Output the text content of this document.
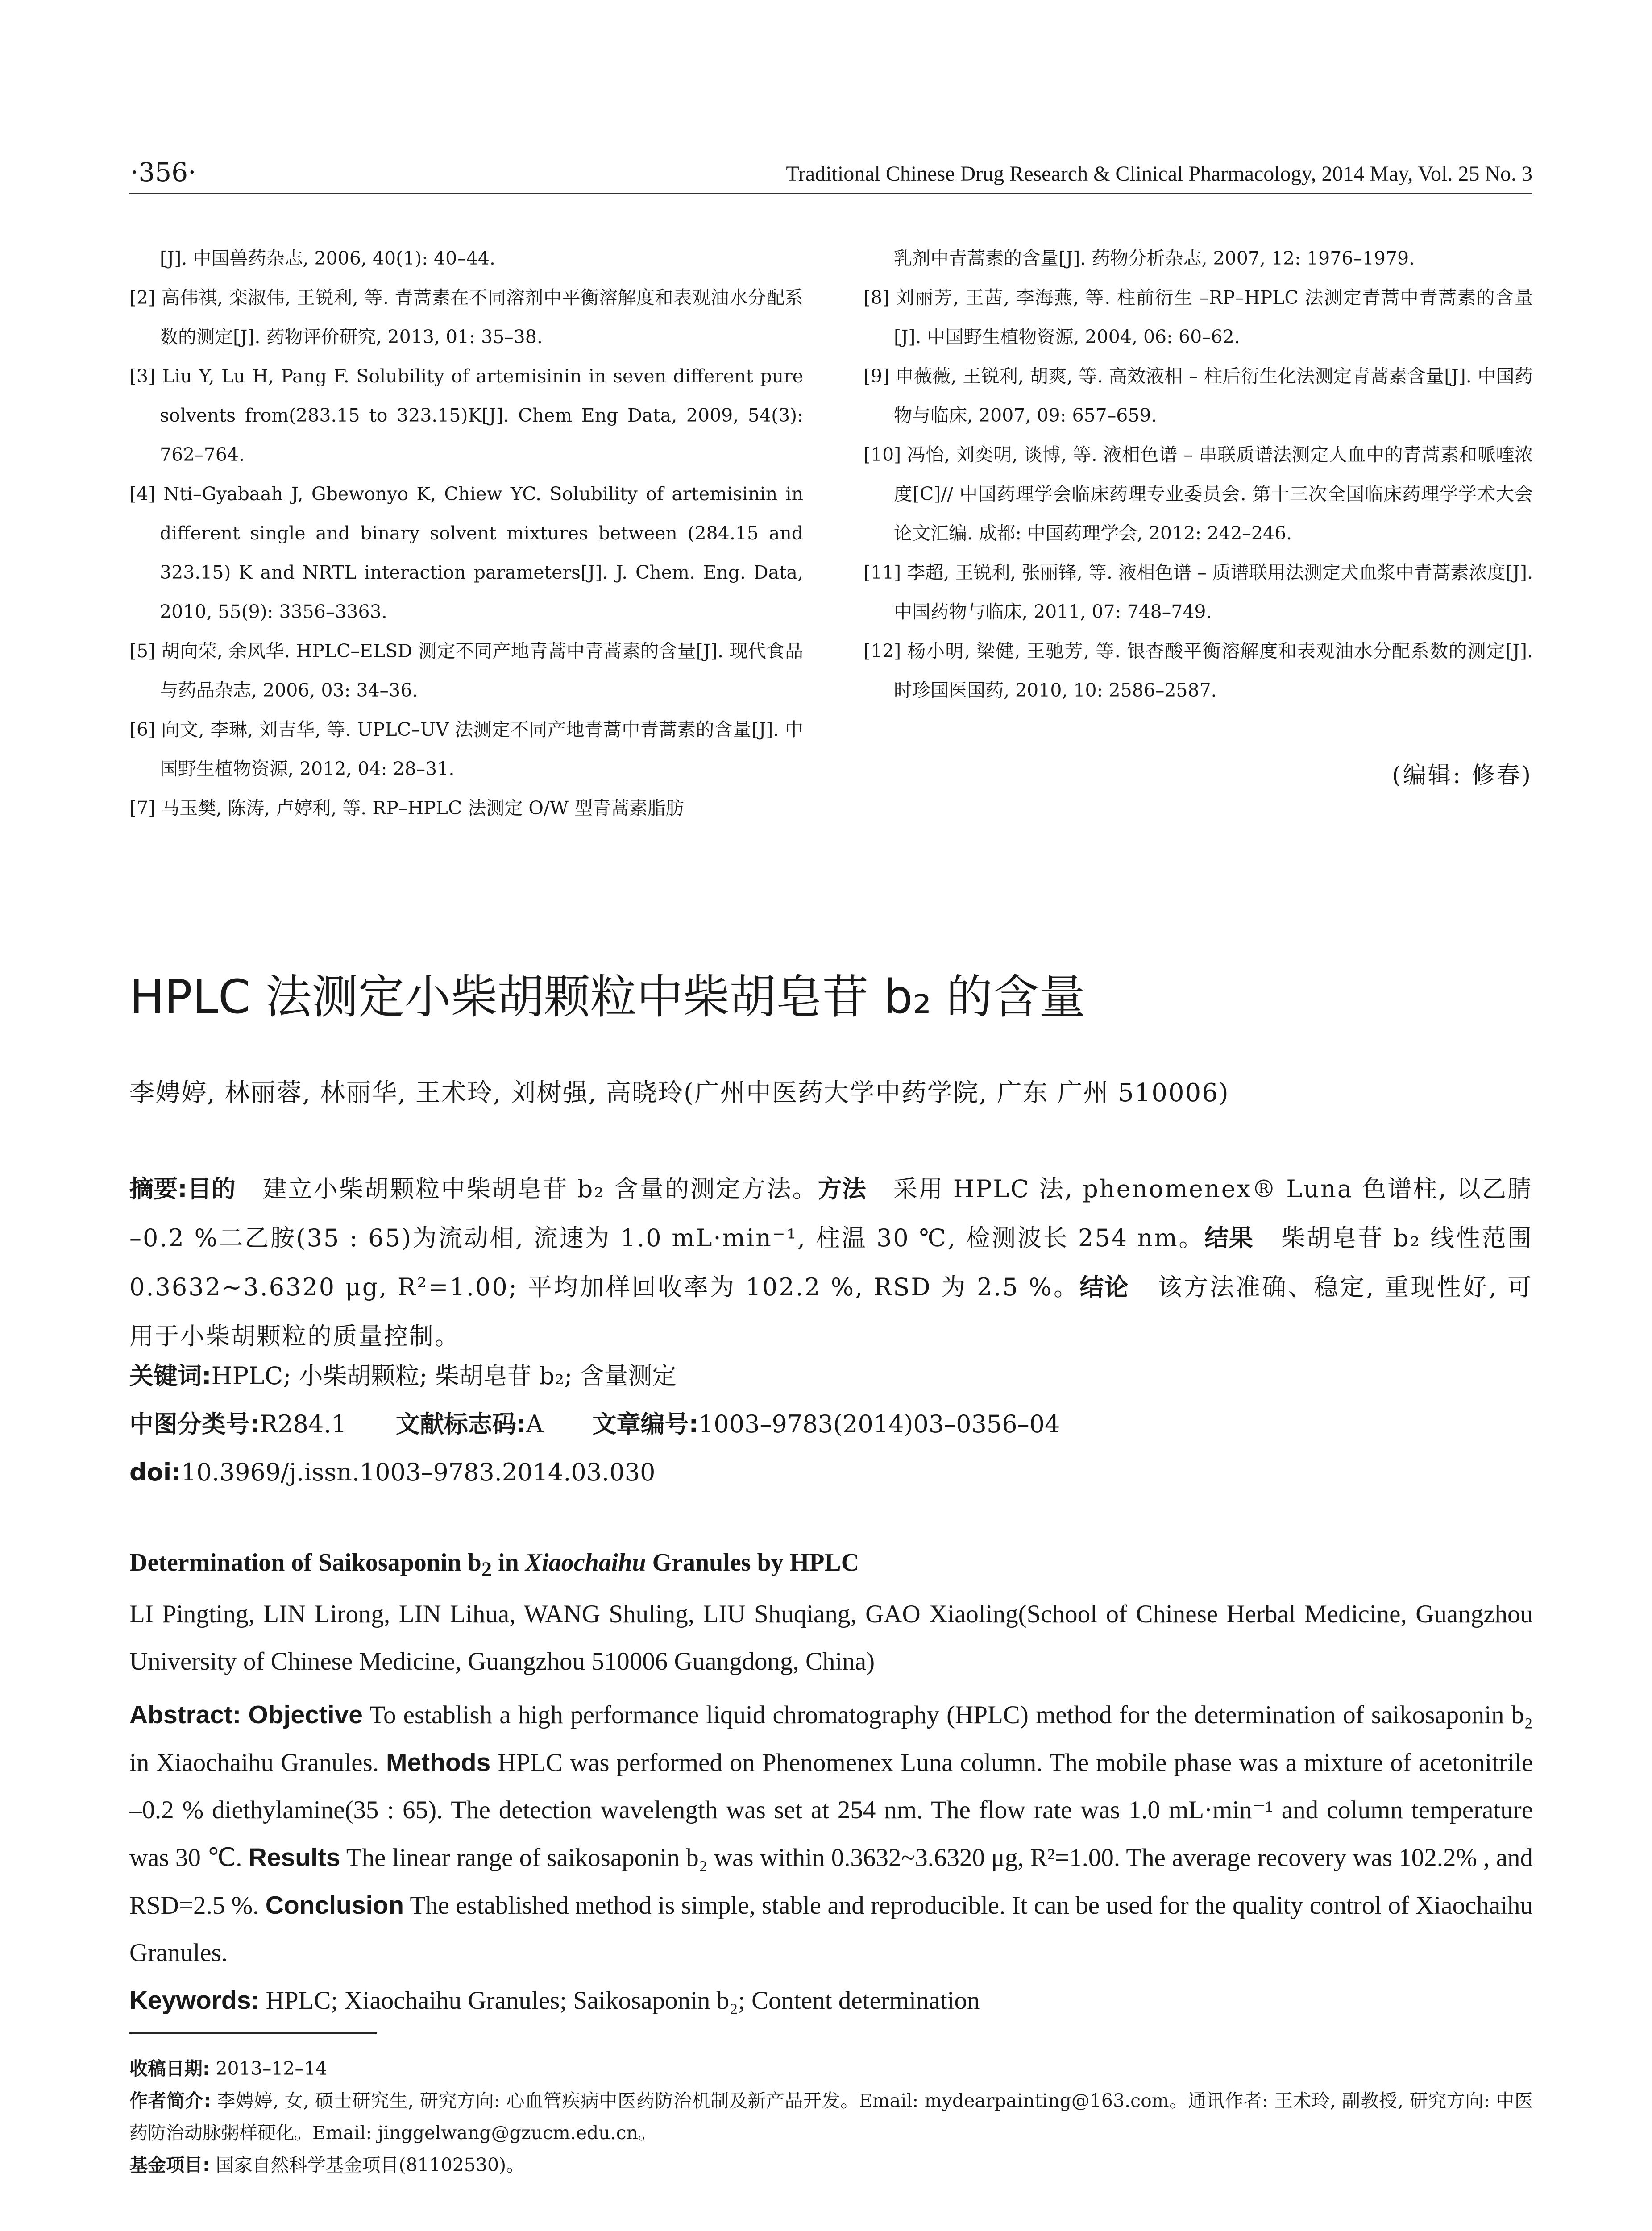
·356·	Traditional Chinese Drug Research & Clinical Pharmacology, 2014 May, Vol. 25 No. 3

[J]. 中国兽药杂志, 2006, 40(1): 40–44.

[2] 高伟祺, 栾淑伟, 王锐利, 等. 青蒿素在不同溶剂中平衡溶解度和表观油水分配系数的测定[J]. 药物评价研究, 2013, 01: 35–38.

[3] Liu Y, Lu H, Pang F. Solubility of artemisinin in seven different pure solvents from(283.15 to 323.15)K[J]. Chem Eng Data, 2009, 54(3): 762–764.

[4] Nti–Gyabaah J, Gbewonyo K, Chiew YC. Solubility of artemisinin in different single and binary solvent mixtures between (284.15 and 323.15) K and NRTL interaction parameters[J]. J. Chem. Eng. Data, 2010, 55(9): 3356–3363.

[5] 胡向荣, 余风华. HPLC–ELSD 测定不同产地青蒿中青蒿素的含量[J]. 现代食品与药品杂志, 2006, 03: 34–36.

[6] 向文, 李琳, 刘吉华, 等. UPLC–UV 法测定不同产地青蒿中青蒿素的含量[J]. 中国野生植物资源, 2012, 04: 28–31.

[7] 马玉樊, 陈涛, 卢婷利, 等. RP–HPLC 法测定 O/W 型青蒿素脂肪

乳剂中青蒿素的含量[J]. 药物分析杂志, 2007, 12: 1976–1979.

[8] 刘丽芳, 王茜, 李海燕, 等. 柱前衍生 –RP–HPLC 法测定青蒿中青蒿素的含量[J]. 中国野生植物资源, 2004, 06: 60–62.

[9] 申薇薇, 王锐利, 胡爽, 等. 高效液相 – 柱后衍生化法测定青蒿素含量[J]. 中国药物与临床, 2007, 09: 657–659.

[10] 冯怡, 刘奕明, 谈博, 等. 液相色谱 – 串联质谱法测定人血中的青蒿素和哌喹浓度[C]// 中国药理学会临床药理专业委员会. 第十三次全国临床药理学学术大会论文汇编. 成都: 中国药理学会, 2012: 242–246.

[11] 李超, 王锐利, 张丽锋, 等. 液相色谱 – 质谱联用法测定犬血浆中青蒿素浓度[J]. 中国药物与临床, 2011, 07: 748–749.

[12] 杨小明, 梁健, 王驰芳, 等. 银杏酸平衡溶解度和表观油水分配系数的测定[J]. 时珍国医国药, 2010, 10: 2586–2587.

(编辑: 修春)
HPLC 法测定小柴胡颗粒中柴胡皂苷 b₂ 的含量
李娉婷, 林丽蓉, 林丽华, 王术玲, 刘树强, 高晓玲(广州中医药大学中药学院, 广东 广州 510006)
摘要:目的 建立小柴胡颗粒中柴胡皂苷 b₂ 含量的测定方法。方法 采用 HPLC 法, phenomenex® Luna 色谱柱, 以乙腈 –0.2 %二乙胺(35 : 65)为流动相, 流速为 1.0 mL·min⁻¹, 柱温 30 ℃, 检测波长 254 nm。结果 柴胡皂苷 b₂ 线性范围 0.3632~3.6320 μg, R²=1.00; 平均加样回收率为 102.2 %, RSD 为 2.5 %。结论 该方法准确、稳定, 重现性好, 可用于小柴胡颗粒的质量控制。
关键词:HPLC; 小柴胡颗粒; 柴胡皂苷 b₂; 含量测定
中图分类号:R284.1 文献标志码:A 文章编号:1003–9783(2014)03–0356–04
doi:10.3969/j.issn.1003–9783.2014.03.030
Determination of Saikosaponin $b_2$ in Xiaochaihu Granules by HPLC
LI Pingting, LIN Lirong, LIN Lihua, WANG Shuling, LIU Shuqiang, GAO Xiaoling(School of Chinese Herbal Medicine, Guangzhou University of Chinese Medicine, Guangzhou 510006 Guangdong, China)
Abstract: Objective To establish a high performance liquid chromatography (HPLC) method for the determination of saikosaponin b₂ in Xiaochaihu Granules. Methods HPLC was performed on Phenomenex Luna column. The mobile phase was a mixture of acetonitrile –0.2 % diethylamine(35 : 65). The detection wavelength was set at 254 nm. The flow rate was 1.0 mL·min⁻¹ and column temperature was 30 ℃. Results The linear range of saikosaponin b₂ was within 0.3632~3.6320 μg, R²=1.00. The average recovery was 102.2% , and RSD=2.5 %. Conclusion The established method is simple, stable and reproducible. It can be used for the quality control of Xiaochaihu Granules.
Keywords: HPLC; Xiaochaihu Granules; Saikosaponin b₂; Content determination
收稿日期: 2013–12–14
作者简介: 李娉婷, 女, 硕士研究生, 研究方向: 心血管疾病中医药防治机制及新产品开发。Email: mydearpainting@163.com。通讯作者: 王术玲, 副教授, 研究方向: 中医药防治动脉粥样硬化。Email: jinggelwang@gzucm.edu.cn。
基金项目: 国家自然科学基金项目(81102530)。
